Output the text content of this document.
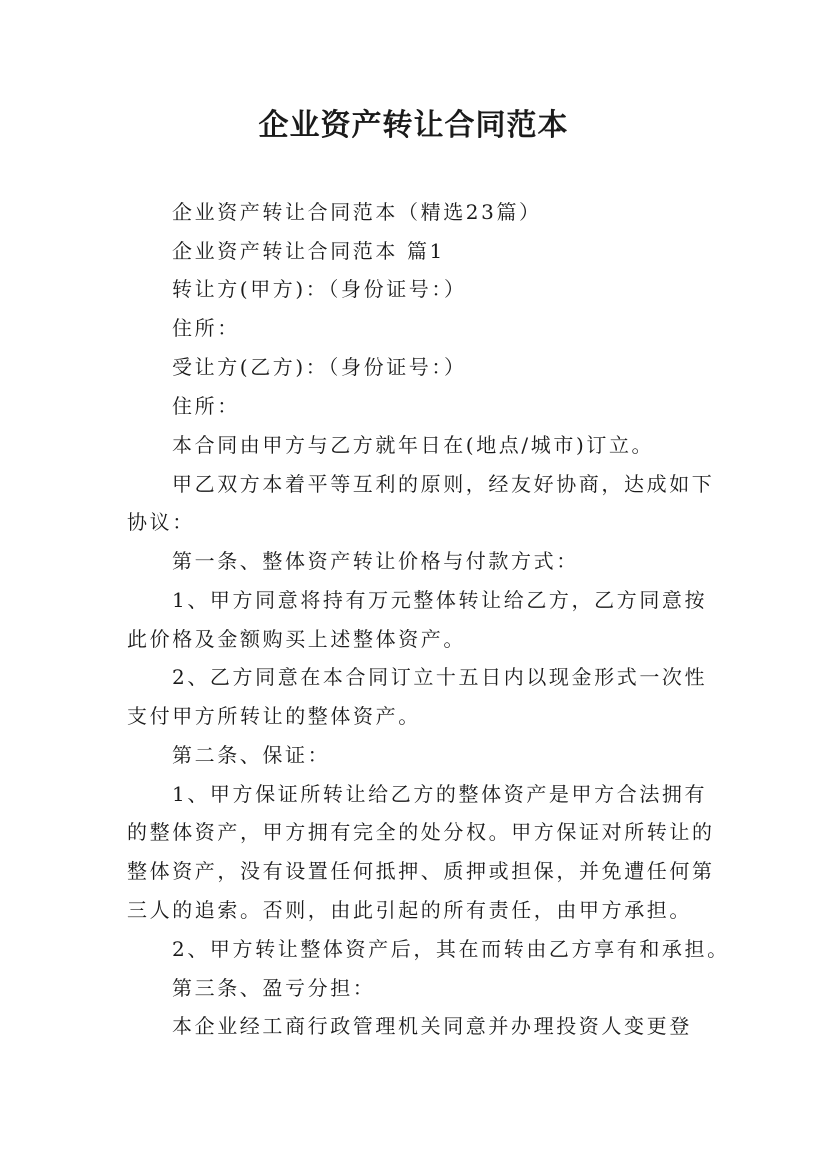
企业资产转让合同范本
企业资产转让合同范本（精选23篇）
企业资产转让合同范本 篇1
转让方(甲方)：（身份证号：）
住所：
受让方(乙方)：（身份证号：）
住所：
本合同由甲方与乙方就年日在(地点/城市)订立。
甲乙双方本着平等互利的原则，经友好协商，达成如下
协议：
第一条、整体资产转让价格与付款方式：
1、甲方同意将持有万元整体转让给乙方，乙方同意按
此价格及金额购买上述整体资产。
2、乙方同意在本合同订立十五日内以现金形式一次性
支付甲方所转让的整体资产。
第二条、保证：
1、甲方保证所转让给乙方的整体资产是甲方合法拥有
的整体资产，甲方拥有完全的处分权。甲方保证对所转让的
整体资产，没有设置任何抵押、质押或担保，并免遭任何第
三人的追索。否则，由此引起的所有责任，由甲方承担。
2、甲方转让整体资产后，其在而转由乙方享有和承担。
第三条、盈亏分担：
本企业经工商行政管理机关同意并办理投资人变更登
